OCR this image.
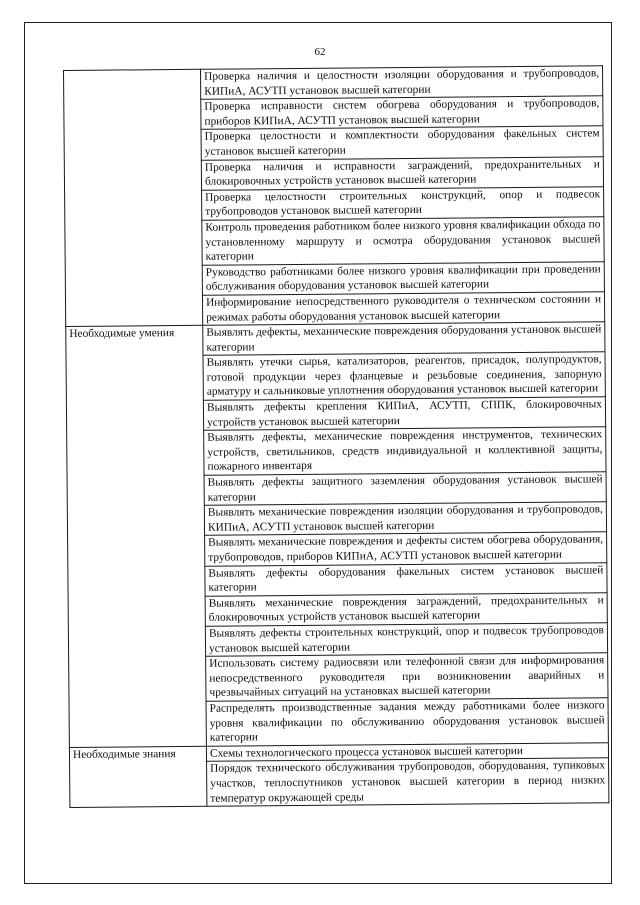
62
	Проверка наличия и целостности изоляции оборудования и трубопроводов, КИПиА, АСУТП установок высшей категории
	Проверка исправности систем обогрева оборудования и трубопроводов, приборов КИПиА, АСУТП установок высшей категории
	Проверка целостности и комплектности оборудования факельных систем установок высшей категории
	Проверка наличия и исправности заграждений, предохранительных и блокировочных устройств установок высшей категории
	Проверка целостности строительных конструкций, опор и подвесок трубопроводов установок высшей категории
	Контроль проведения работником более низкого уровня квалификации обхода по установленному маршруту и осмотра оборудования установок высшей категории
	Руководство работниками более низкого уровня квалификации при проведении обслуживания оборудования установок высшей категории
	Информирование непосредственного руководителя о техническом состоянии и режимах работы оборудования установок высшей категории
Необходимые умения	Выявлять дефекты, механические повреждения оборудования установок высшей категории
	Выявлять утечки сырья, катализаторов, реагентов, присадок, полупродуктов, готовой продукции через фланцевые и резьбовые соединения, запорную арматуру и сальниковые уплотнения оборудования установок высшей категории
	Выявлять дефекты крепления КИПиА, АСУТП, СППК, блокировочных устройств установок высшей категории
	Выявлять дефекты, механические повреждения инструментов, технических устройств, светильников, средств индивидуальной и коллективной защиты, пожарного инвентаря
	Выявлять дефекты защитного заземления оборудования установок высшей категории
	Выявлять механические повреждения изоляции оборудования и трубопроводов, КИПиА, АСУТП установок высшей категории
	Выявлять механические повреждения и дефекты систем обогрева оборудования, трубопроводов, приборов КИПиА, АСУТП установок высшей категории
	Выявлять дефекты оборудования факельных систем установок высшей категории
	Выявлять механические повреждения заграждений, предохранительных и блокировочных устройств установок высшей категории
	Выявлять дефекты строительных конструкций, опор и подвесок трубопроводов установок высшей категории
	Использовать систему радиосвязи или телефонной связи для информирования непосредственного руководителя при возникновении аварийных и чрезвычайных ситуаций на установках высшей категории
	Распределять производственные задания между работниками более низкого уровня квалификации по обслуживанию оборудования установок высшей категории
Необходимые знания	Схемы технологического процесса установок высшей категории
	Порядок технического обслуживания трубопроводов, оборудования, тупиковых участков, теплоспутников установок высшей категории в период низких температур окружающей среды
